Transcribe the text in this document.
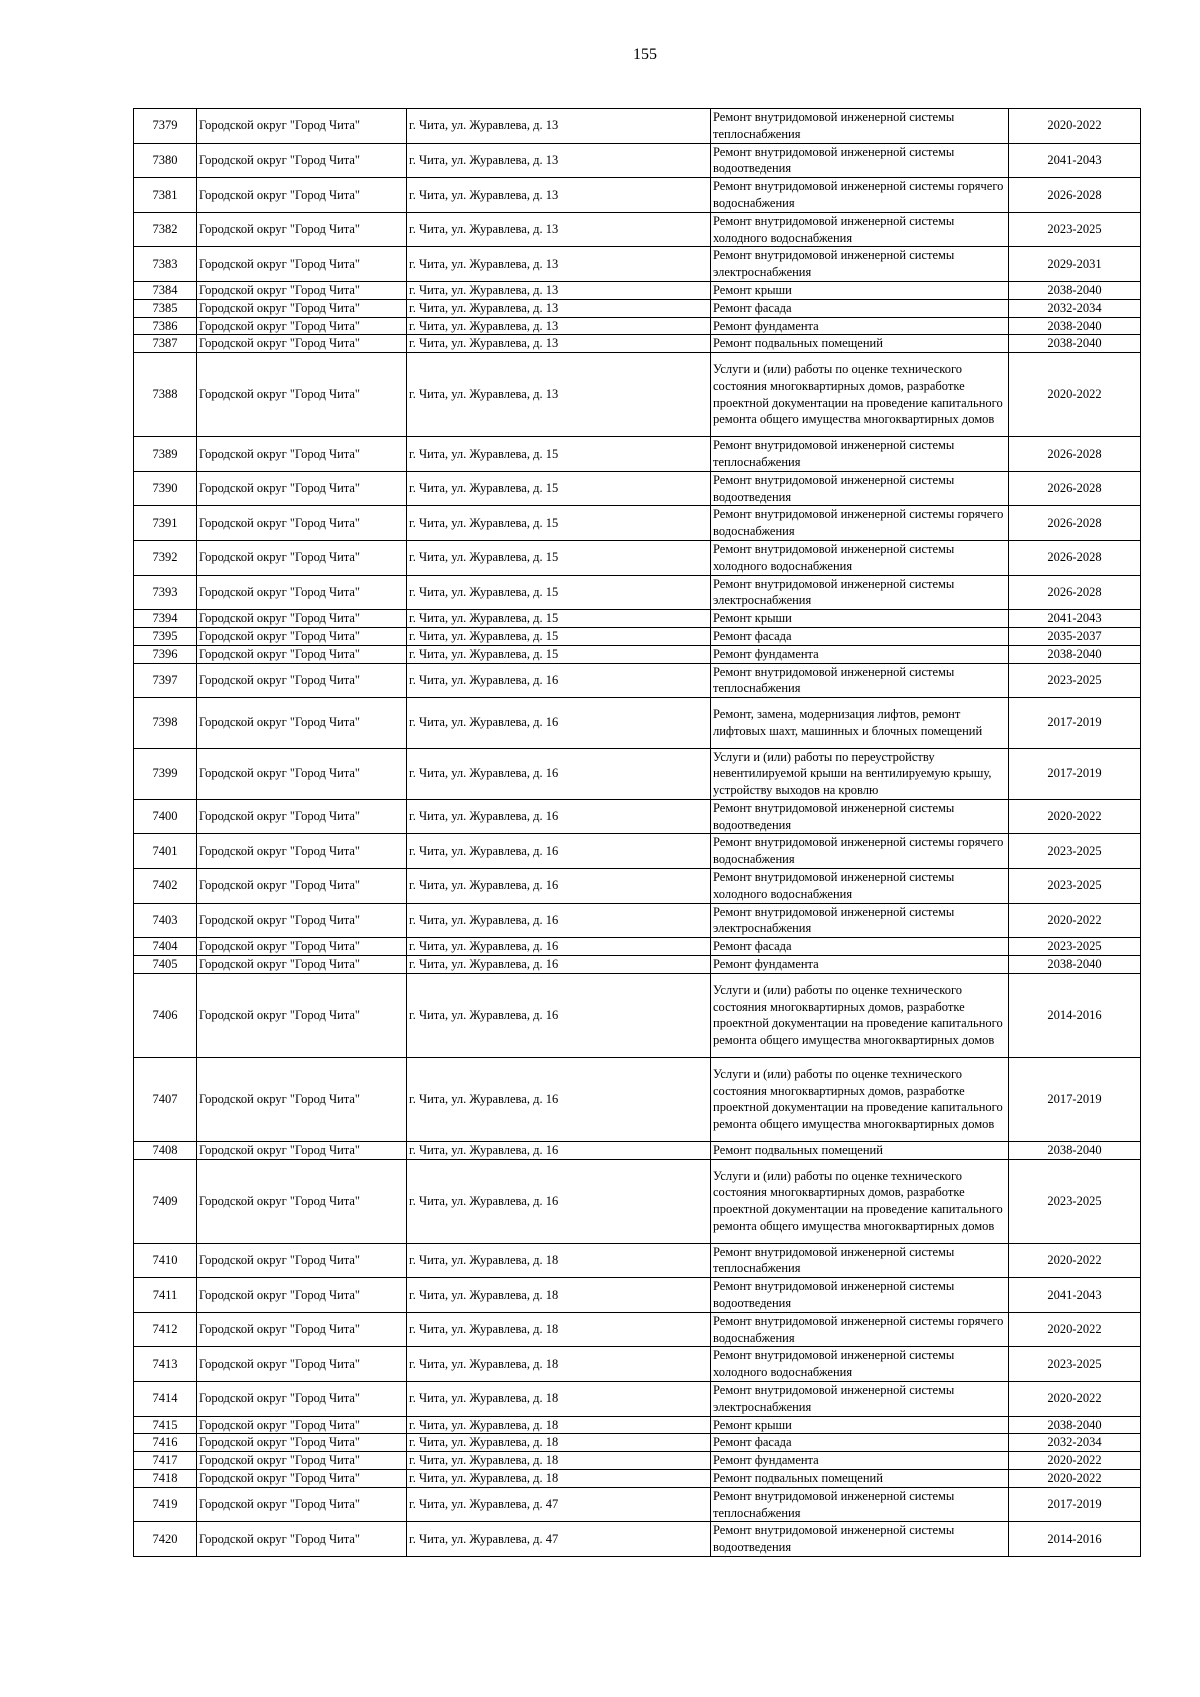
155
7379	Городской округ "Город Чита"	г. Чита, ул. Журавлева, д. 13	Ремонт внутридомовой инженерной системы теплоснабжения	2020-2022
7380	Городской округ "Город Чита"	г. Чита, ул. Журавлева, д. 13	Ремонт внутридомовой инженерной системы водоотведения	2041-2043
7381	Городской округ "Город Чита"	г. Чита, ул. Журавлева, д. 13	Ремонт внутридомовой инженерной системы горячего водоснабжения	2026-2028
7382	Городской округ "Город Чита"	г. Чита, ул. Журавлева, д. 13	Ремонт внутридомовой инженерной системы холодного водоснабжения	2023-2025
7383	Городской округ "Город Чита"	г. Чита, ул. Журавлева, д. 13	Ремонт внутридомовой инженерной системы электроснабжения	2029-2031
7384	Городской округ "Город Чита"	г. Чита, ул. Журавлева, д. 13	Ремонт крыши	2038-2040
7385	Городской округ "Город Чита"	г. Чита, ул. Журавлева, д. 13	Ремонт фасада	2032-2034
7386	Городской округ "Город Чита"	г. Чита, ул. Журавлева, д. 13	Ремонт фундамента	2038-2040
7387	Городской округ "Город Чита"	г. Чита, ул. Журавлева, д. 13	Ремонт подвальных помещений	2038-2040
7388	Городской округ "Город Чита"	г. Чита, ул. Журавлева, д. 13	Услуги и (или) работы по оценке технического состояния многоквартирных домов, разработке проектной документации на проведение капитального ремонта общего имущества многоквартирных домов	2020-2022
7389	Городской округ "Город Чита"	г. Чита, ул. Журавлева, д. 15	Ремонт внутридомовой инженерной системы теплоснабжения	2026-2028
7390	Городской округ "Город Чита"	г. Чита, ул. Журавлева, д. 15	Ремонт внутридомовой инженерной системы водоотведения	2026-2028
7391	Городской округ "Город Чита"	г. Чита, ул. Журавлева, д. 15	Ремонт внутридомовой инженерной системы горячего водоснабжения	2026-2028
7392	Городской округ "Город Чита"	г. Чита, ул. Журавлева, д. 15	Ремонт внутридомовой инженерной системы холодного водоснабжения	2026-2028
7393	Городской округ "Город Чита"	г. Чита, ул. Журавлева, д. 15	Ремонт внутридомовой инженерной системы электроснабжения	2026-2028
7394	Городской округ "Город Чита"	г. Чита, ул. Журавлева, д. 15	Ремонт крыши	2041-2043
7395	Городской округ "Город Чита"	г. Чита, ул. Журавлева, д. 15	Ремонт фасада	2035-2037
7396	Городской округ "Город Чита"	г. Чита, ул. Журавлева, д. 15	Ремонт фундамента	2038-2040
7397	Городской округ "Город Чита"	г. Чита, ул. Журавлева, д. 16	Ремонт внутридомовой инженерной системы теплоснабжения	2023-2025
7398	Городской округ "Город Чита"	г. Чита, ул. Журавлева, д. 16	Ремонт, замена, модернизация лифтов, ремонт лифтовых шахт, машинных и блочных помещений	2017-2019
7399	Городской округ "Город Чита"	г. Чита, ул. Журавлева, д. 16	Услуги и (или) работы по переустройству невентилируемой крыши на вентилируемую крышу, устройству выходов на кровлю	2017-2019
7400	Городской округ "Город Чита"	г. Чита, ул. Журавлева, д. 16	Ремонт внутридомовой инженерной системы водоотведения	2020-2022
7401	Городской округ "Город Чита"	г. Чита, ул. Журавлева, д. 16	Ремонт внутридомовой инженерной системы горячего водоснабжения	2023-2025
7402	Городской округ "Город Чита"	г. Чита, ул. Журавлева, д. 16	Ремонт внутридомовой инженерной системы холодного водоснабжения	2023-2025
7403	Городской округ "Город Чита"	г. Чита, ул. Журавлева, д. 16	Ремонт внутридомовой инженерной системы электроснабжения	2020-2022
7404	Городской округ "Город Чита"	г. Чита, ул. Журавлева, д. 16	Ремонт фасада	2023-2025
7405	Городской округ "Город Чита"	г. Чита, ул. Журавлева, д. 16	Ремонт фундамента	2038-2040
7406	Городской округ "Город Чита"	г. Чита, ул. Журавлева, д. 16	Услуги и (или) работы по оценке технического состояния многоквартирных домов, разработке проектной документации на проведение капитального ремонта общего имущества многоквартирных домов	2014-2016
7407	Городской округ "Город Чита"	г. Чита, ул. Журавлева, д. 16	Услуги и (или) работы по оценке технического состояния многоквартирных домов, разработке проектной документации на проведение капитального ремонта общего имущества многоквартирных домов	2017-2019
7408	Городской округ "Город Чита"	г. Чита, ул. Журавлева, д. 16	Ремонт подвальных помещений	2038-2040
7409	Городской округ "Город Чита"	г. Чита, ул. Журавлева, д. 16	Услуги и (или) работы по оценке технического состояния многоквартирных домов, разработке проектной документации на проведение капитального ремонта общего имущества многоквартирных домов	2023-2025
7410	Городской округ "Город Чита"	г. Чита, ул. Журавлева, д. 18	Ремонт внутридомовой инженерной системы теплоснабжения	2020-2022
7411	Городской округ "Город Чита"	г. Чита, ул. Журавлева, д. 18	Ремонт внутридомовой инженерной системы водоотведения	2041-2043
7412	Городской округ "Город Чита"	г. Чита, ул. Журавлева, д. 18	Ремонт внутридомовой инженерной системы горячего водоснабжения	2020-2022
7413	Городской округ "Город Чита"	г. Чита, ул. Журавлева, д. 18	Ремонт внутридомовой инженерной системы холодного водоснабжения	2023-2025
7414	Городской округ "Город Чита"	г. Чита, ул. Журавлева, д. 18	Ремонт внутридомовой инженерной системы электроснабжения	2020-2022
7415	Городской округ "Город Чита"	г. Чита, ул. Журавлева, д. 18	Ремонт крыши	2038-2040
7416	Городской округ "Город Чита"	г. Чита, ул. Журавлева, д. 18	Ремонт фасада	2032-2034
7417	Городской округ "Город Чита"	г. Чита, ул. Журавлева, д. 18	Ремонт фундамента	2020-2022
7418	Городской округ "Город Чита"	г. Чита, ул. Журавлева, д. 18	Ремонт подвальных помещений	2020-2022
7419	Городской округ "Город Чита"	г. Чита, ул. Журавлева, д. 47	Ремонт внутридомовой инженерной системы теплоснабжения	2017-2019
7420	Городской округ "Город Чита"	г. Чита, ул. Журавлева, д. 47	Ремонт внутридомовой инженерной системы водоотведения	2014-2016
